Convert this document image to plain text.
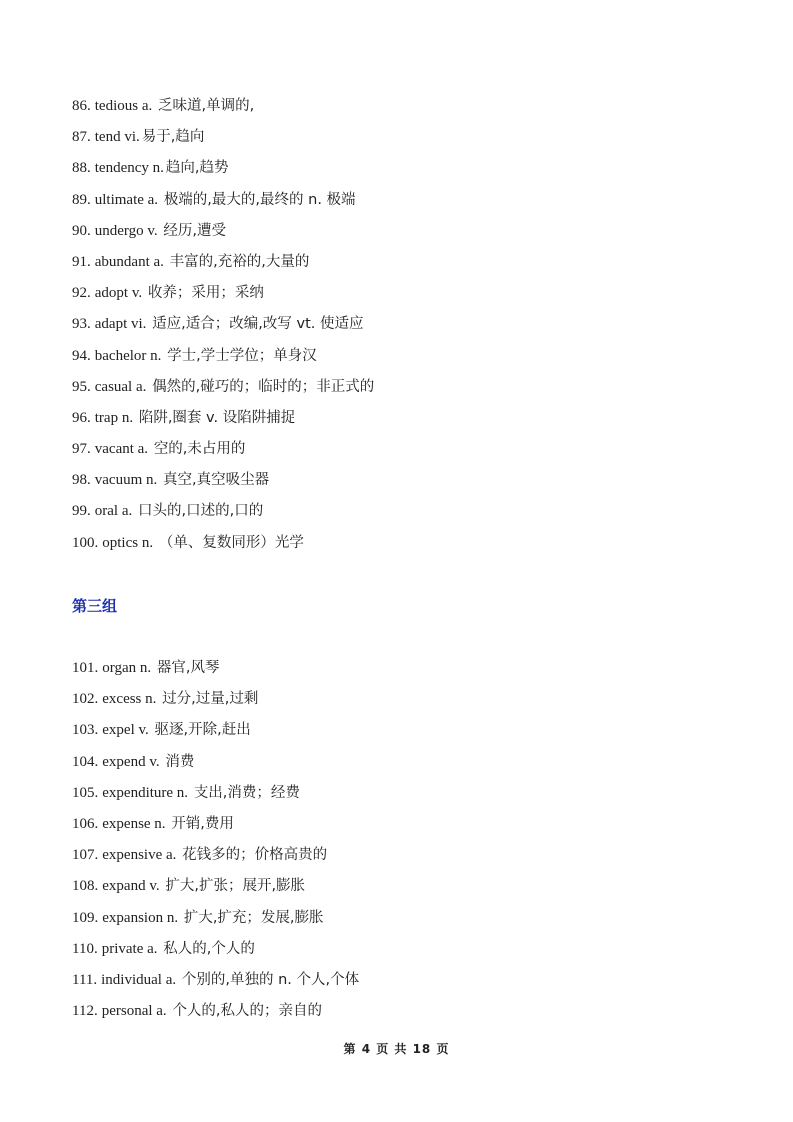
86. tedious a. 乏味道,单调的,
87. tend vi. 易于,趋向
88. tendency n. 趋向,趋势
89. ultimate a. 极端的,最大的,最终的 n. 极端
90. undergo v. 经历,遭受
91. abundant a. 丰富的,充裕的,大量的
92. adopt v. 收养；采用；采纳
93. adapt vi. 适应,适合；改编,改写 vt. 使适应
94. bachelor n. 学士,学士学位；单身汉
95. casual a. 偶然的,碰巧的；临时的；非正式的
96. trap n. 陷阱,圈套 v. 设陷阱捕捉
97. vacant a. 空的,未占用的
98. vacuum n. 真空,真空吸尘器
99. oral a. 口头的,口述的,口的
100. optics n. （单、复数同形）光学
第三组
101. organ n. 器官,风琴
102. excess n. 过分,过量,过剩
103. expel v. 驱逐,开除,赶出
104. expend v. 消费
105. expenditure n. 支出,消费；经费
106. expense n. 开销,费用
107. expensive a. 花钱多的；价格高贵的
108. expand v. 扩大,扩张；展开,膨胀
109. expansion n. 扩大,扩充；发展,膨胀
110. private a. 私人的,个人的
111. individual a. 个别的,单独的 n. 个人,个体
112. personal a. 个人的,私人的；亲自的
第 4 页 共 18 页
